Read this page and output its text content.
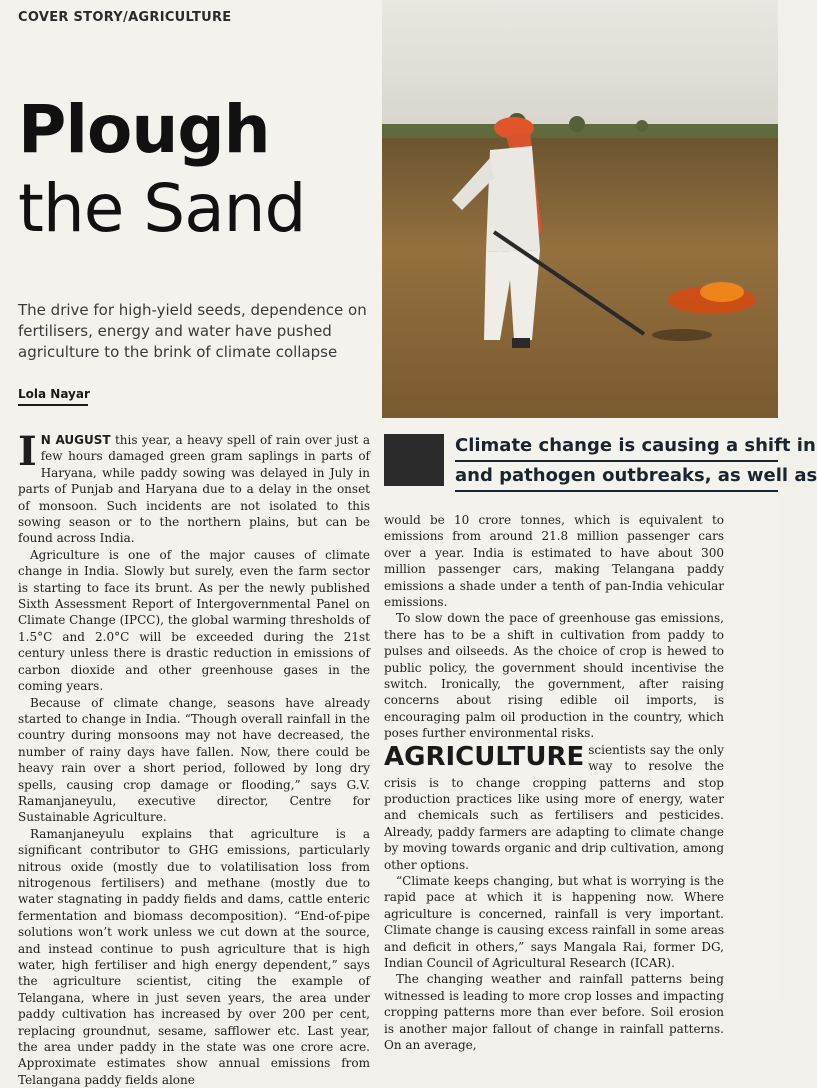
COVER STORY/AGRICULTURE
Plough
the Sand

The drive for high-yield seeds, dependence on fertilisers, energy and water have pushed agriculture to the brink of climate collapse

Lola Nayar

I N AUGUST this year, a heavy spell of rain over just a few hours damaged green gram saplings in parts of Haryana, while paddy sowing was delayed in July in parts of Punjab and Haryana due to a delay in the onset of monsoon. Such incidents are not isolated to this sowing season or to the northern plains, but can be found across India.

Agriculture is one of the major causes of climate change in India. Slowly but surely, even the farm sector is starting to face its brunt. As per the newly published Sixth Assessment Report of Intergovernmental Panel on Climate Change (IPCC), the global warming thresholds of 1.5°C and 2.0°C will be exceeded during the 21st century unless there is drastic reduction in emissions of carbon dioxide and other greenhouse gases in the coming years.

Because of climate change, seasons have already started to change in India. “Though overall rainfall in the country during monsoons may not have decreased, the number of rainy days have fallen. Now, there could be heavy rain over a short period, followed by long dry spells, causing crop damage or flooding,” says G.V. Ramanjaneyulu, executive director, Centre for Sustainable Agriculture.

Ramanjaneyulu explains that agriculture is a significant contributor to GHG emissions, particularly nitrous oxide (mostly due to volatilisation loss from nitrogenous fertilisers) and methane (mostly due to water stagnating in paddy fields and dams, cattle enteric fermentation and biomass decomposition). “End-of-pipe solutions won’t work unless we cut down at the source, and instead continue to push agriculture that is high water, high fertiliser and high energy dependent,” says the agriculture scientist, citing the example of Telangana, where in just seven years, the area under paddy cultivation has increased by over 200 per cent, replacing groundnut, sesame, safflower etc. Last year, the area under paddy in the state was one crore acre. Approximate estimates show annual emissions from Telangana paddy fields alone

Climate change is causing a shift in
and pathogen outbreaks, as well as

would be 10 crore tonnes, which is equivalent to emissions from around 21.8 million passenger cars over a year. India is estimated to have about 300 million passenger cars, making Telangana paddy emissions a shade under a tenth of pan-India vehicular emissions.

To slow down the pace of greenhouse gas emissions, there has to be a shift in cultivation from paddy to pulses and oilseeds. As the choice of crop is hewed to public policy, the government should incentivise the switch. Ironically, the government, after raising concerns about rising edible oil imports, is encouraging palm oil production in the country, which poses further environmental risks.

AGRICULTURE scientists say the only way to resolve the crisis is to change cropping patterns and stop production practices like using more of energy, water and chemicals such as fertilisers and pesticides. Already, paddy farmers are adapting to climate change by moving towards organic and drip cultivation, among other options.

“Climate keeps changing, but what is worrying is the rapid pace at which it is happening now. Where agriculture is concerned, rainfall is very important. Climate change is causing excess rainfall in some areas and deficit in others,” says Mangala Rai, former DG, Indian Council of Agricultural Research (ICAR).

The changing weather and rainfall patterns being witnessed is leading to more crop losses and impacting cropping patterns more than ever before. Soil erosion is another major fallout of change in rainfall patterns. On an average,
